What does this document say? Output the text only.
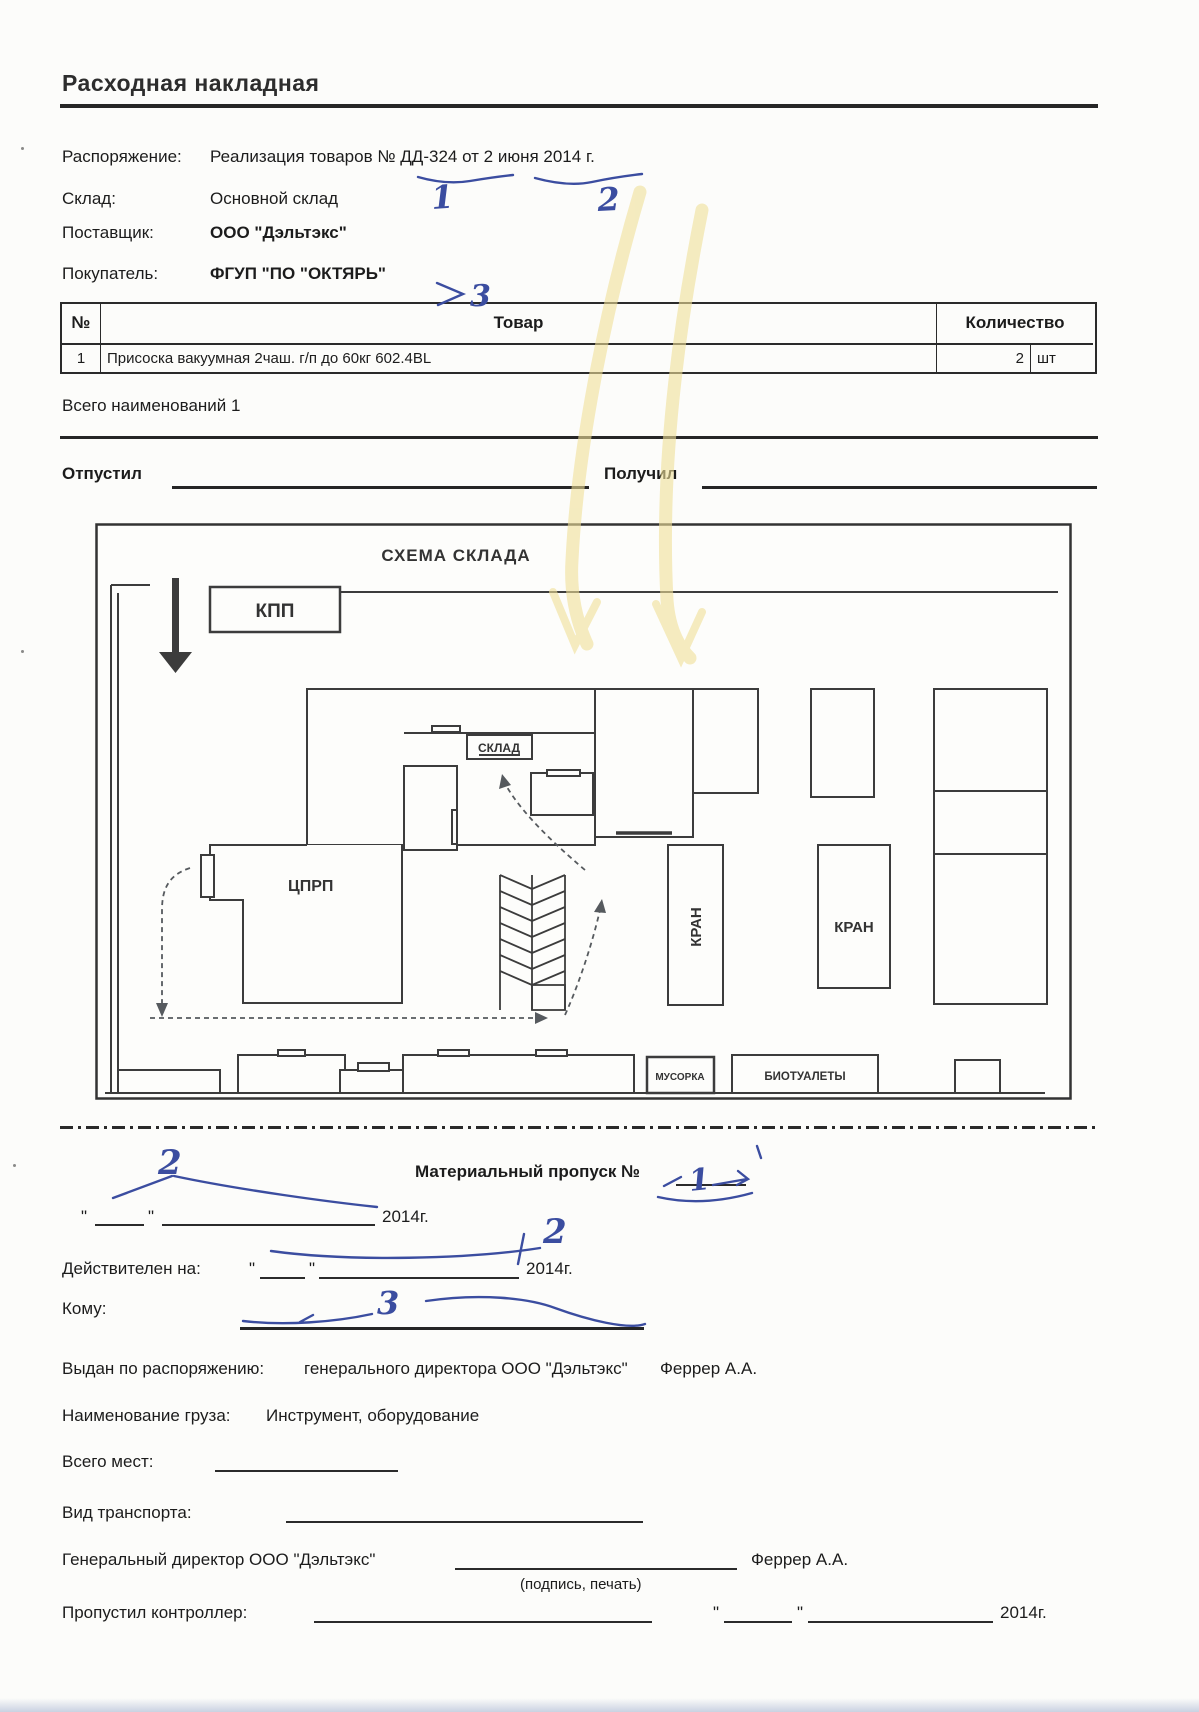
Расходная накладная
Распоряжение: Реализация товаров № ДД-324 от 2 июня 2014 г.
Склад:	Основной склад
Поставщик:	ООО "Дэльтэкс"
Покупатель:	ФГУП "ПО "ОКТЯРЬ"
№	Товар	Количество
1	Присоска вакуумная 2чаш. г/п до 60кг 602.4BL	2 шт
Всего наименований 1
Отпустил	Получил
СХЕМА СКЛАДА
КПП
СКЛАД
ЦПРП
КРАН	КРАН
МУСОРКА	БИОТУАЛЕТЫ
Материальный пропуск №
"	"	2014г.
Действителен на:	"	"	2014г.
Кому:
Выдан по распоряжению: генерального директора ООО "Дэльтэкс" Феррер А.А.
Наименование груза: Инструмент, оборудование
Всего мест:
Вид транспорта:
Генеральный директор ООО "Дэльтэкс"	Феррер А.А.
(подпись, печать)
Пропустил контроллер:	"	"	2014г.
1	2
3
1
2
2
3
